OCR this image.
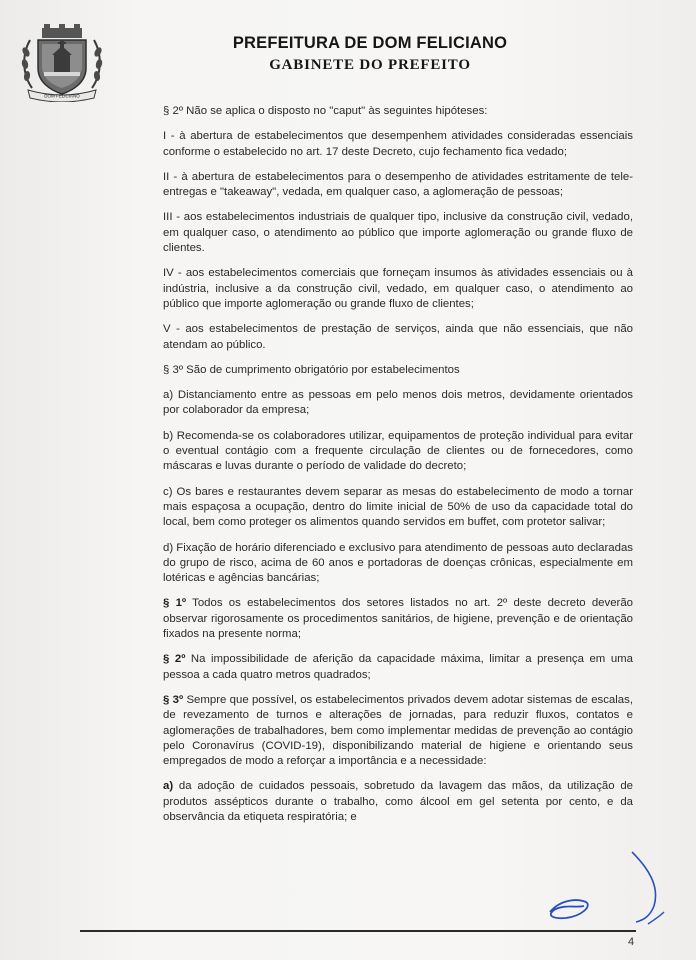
DOM FELICIANO
PREFEITURA DE DOM FELICIANO
GABINETE DO PREFEITO

§ 2º Não se aplica o disposto no "caput" às seguintes hipóteses:

I - à abertura de estabelecimentos que desempenhem atividades consideradas essenciais conforme o estabelecido no art. 17 deste Decreto, cujo fechamento fica vedado;

II - à abertura de estabelecimentos para o desempenho de atividades estritamente de tele-entregas e "takeaway", vedada, em qualquer caso, a aglomeração de pessoas;

III - aos estabelecimentos industriais de qualquer tipo, inclusive da construção civil, vedado, em qualquer caso, o atendimento ao público que importe aglomeração ou grande fluxo de clientes.

IV - aos estabelecimentos comerciais que forneçam insumos às atividades essenciais ou à indústria, inclusive a da construção civil, vedado, em qualquer caso, o atendimento ao público que importe aglomeração ou grande fluxo de clientes;

V - aos estabelecimentos de prestação de serviços, ainda que não essenciais, que não atendam ao público.

§ 3º São de cumprimento obrigatório por estabelecimentos

a) Distanciamento entre as pessoas em pelo menos dois metros, devidamente orientados por colaborador da empresa;

b) Recomenda-se os colaboradores utilizar, equipamentos de proteção individual para evitar o eventual contágio com a frequente circulação de clientes ou de fornecedores, como máscaras e luvas durante o período de validade do decreto;

c) Os bares e restaurantes devem separar as mesas do estabelecimento de modo a tornar mais espaçosa a ocupação, dentro do limite inicial de 50% de uso da capacidade total do local, bem como proteger os alimentos quando servidos em buffet, com protetor salivar;

d) Fixação de horário diferenciado e exclusivo para atendimento de pessoas auto declaradas do grupo de risco, acima de 60 anos e portadoras de doenças crônicas, especialmente em lotéricas e agências bancárias;

§ 1º Todos os estabelecimentos dos setores listados no art. 2º deste decreto deverão observar rigorosamente os procedimentos sanitários, de higiene, prevenção e de orientação fixados na presente norma;

§ 2º Na impossibilidade de aferição da capacidade máxima, limitar a presença em uma pessoa a cada quatro metros quadrados;

§ 3º Sempre que possível, os estabelecimentos privados devem adotar sistemas de escalas, de revezamento de turnos e alterações de jornadas, para reduzir fluxos, contatos e aglomerações de trabalhadores, bem como implementar medidas de prevenção ao contágio pelo Coronavírus (COVID-19), disponibilizando material de higiene e orientando seus empregados de modo a reforçar a importância e a necessidade:

a) da adoção de cuidados pessoais, sobretudo da lavagem das mãos, da utilização de produtos assépticos durante o trabalho, como álcool em gel setenta por cento, e da observância da etiqueta respiratória; e

4
